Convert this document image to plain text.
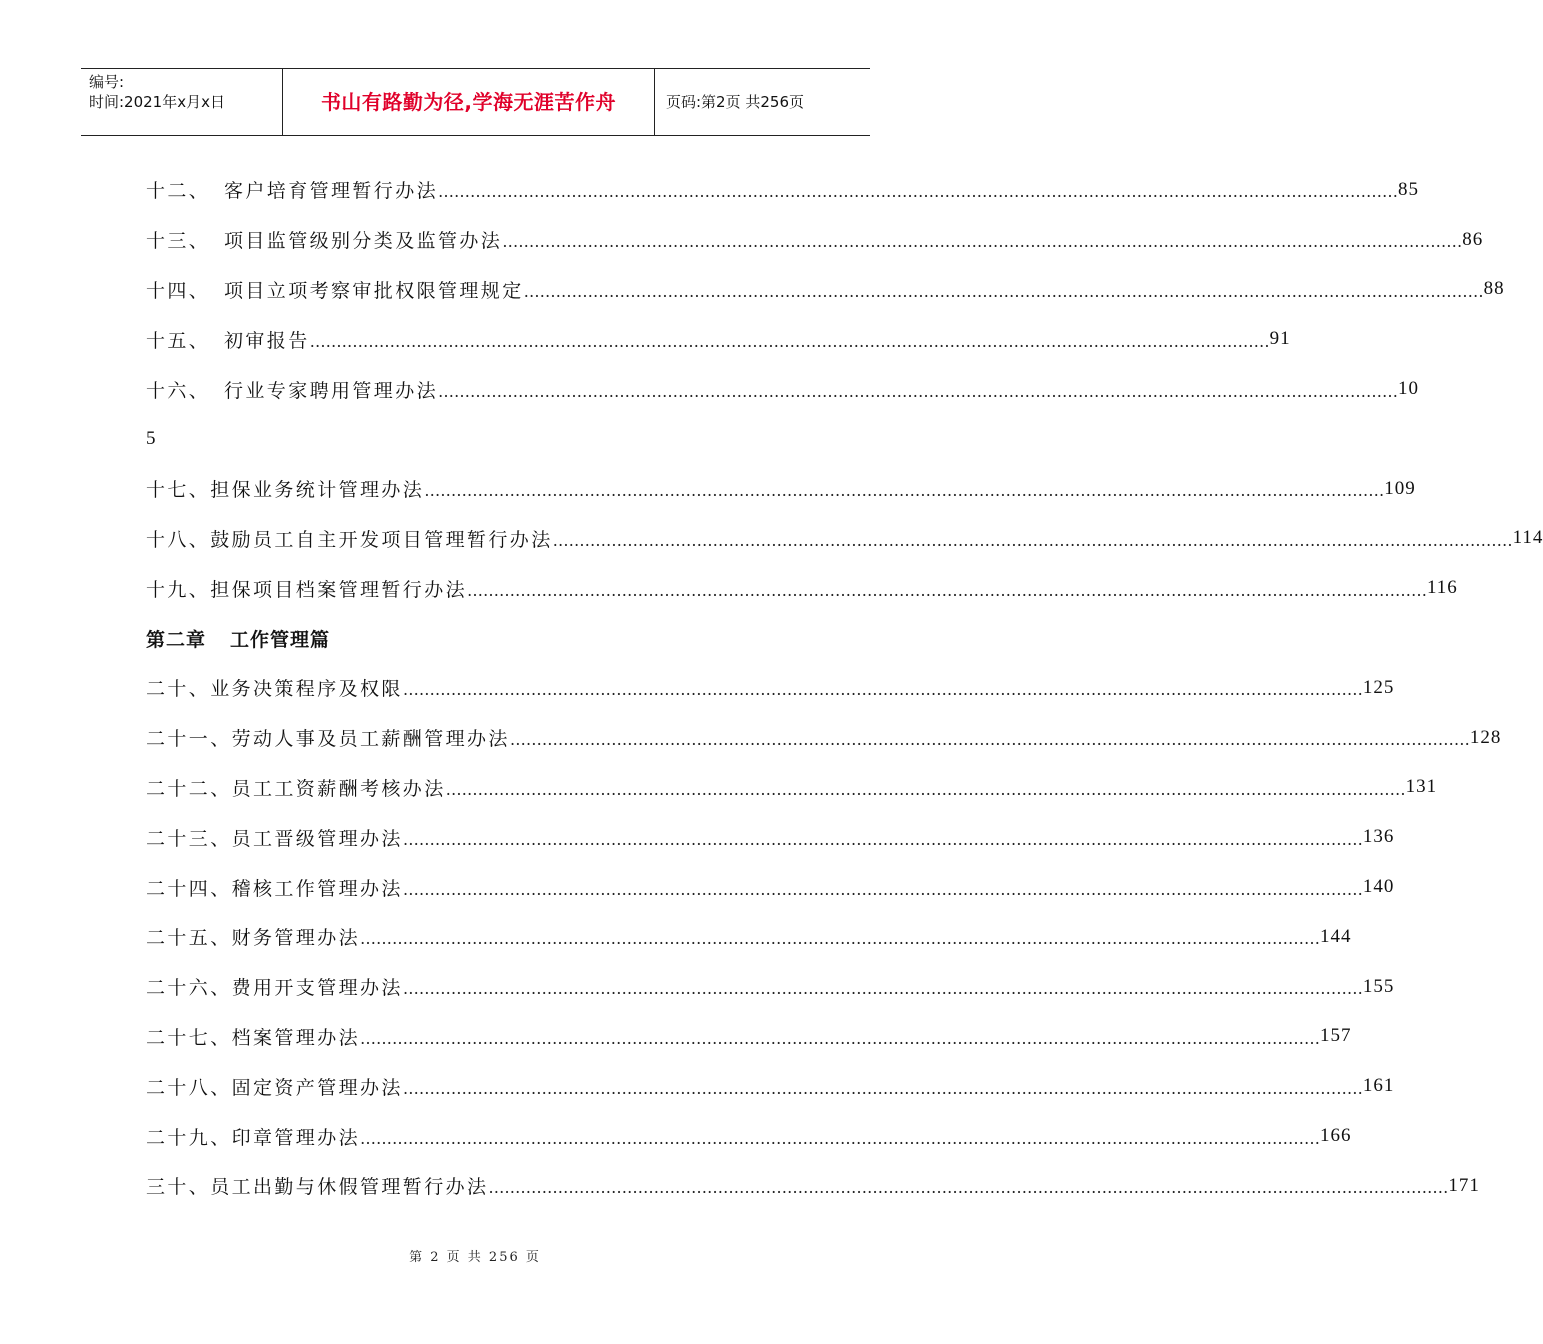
编号:
时间:2021年x月x日	书山有路勤为径,学海无涯苦作舟	页码:第2页 共256页
十二、 客户培育管理暂行办法 ……………………………………………………………………………………………………………………………………………………………… 85
十三、 项目监管级别分类及监管办法 ……………………………………………………………………………………………………………………………………………………………… 86
十四、 项目立项考察审批权限管理规定 ……………………………………………………………………………………………………………………………………………………………… 88
十五、 初审报告 ……………………………………………………………………………………………………………………………………………………………… 91
十六、 行业专家聘用管理办法 ……………………………………………………………………………………………………………………………………………………………… 10
5
十七、 担保业务统计管理办法 ……………………………………………………………………………………………………………………………………………………………… 109
十八、 鼓励员工自主开发项目管理暂行办法 ……………………………………………………………………………………………………………………………………………………………… 114
十九、 担保项目档案管理暂行办法 ……………………………………………………………………………………………………………………………………………………………… 116
第二章 工作管理篇
二十、 业务决策程序及权限 ……………………………………………………………………………………………………………………………………………………………… 125
二十一、 劳动人事及员工薪酬管理办法 ……………………………………………………………………………………………………………………………………………………………… 128
二十二、 员工工资薪酬考核办法 ……………………………………………………………………………………………………………………………………………………………… 131
二十三、 员工晋级管理办法 ……………………………………………………………………………………………………………………………………………………………… 136
二十四、 稽核工作管理办法 ……………………………………………………………………………………………………………………………………………………………… 140
二十五、 财务管理办法 ……………………………………………………………………………………………………………………………………………………………… 144
二十六、 费用开支管理办法 ……………………………………………………………………………………………………………………………………………………………… 155
二十七、 档案管理办法 ……………………………………………………………………………………………………………………………………………………………… 157
二十八、 固定资产管理办法 ……………………………………………………………………………………………………………………………………………………………… 161
二十九、 印章管理办法 ……………………………………………………………………………………………………………………………………………………………… 166
三十、 员工出勤与休假管理暂行办法 ……………………………………………………………………………………………………………………………………………………………… 171
第 2 页 共 256 页
